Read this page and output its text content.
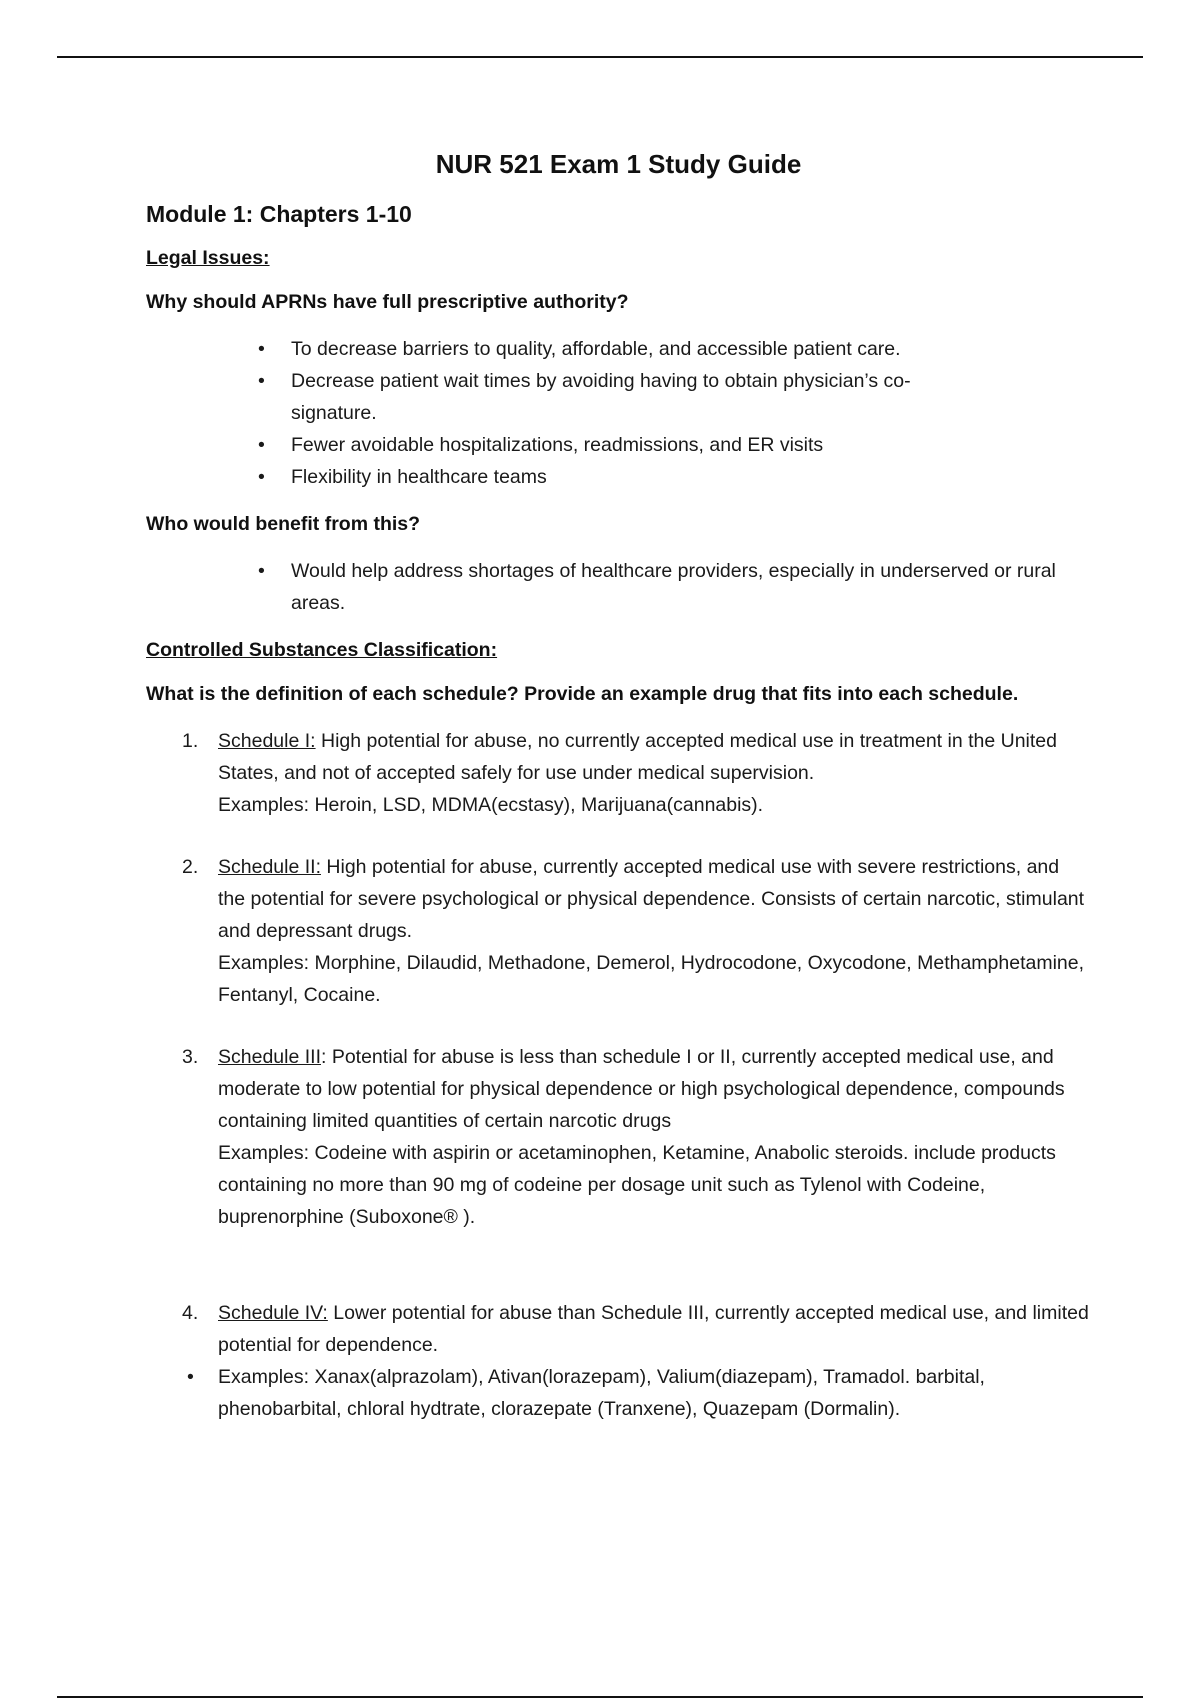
NUR 521 Exam 1 Study Guide
Module 1: Chapters 1-10
Legal Issues:
Why should APRNs have full prescriptive authority?
• To decrease barriers to quality, affordable, and accessible patient care.
• Decrease patient wait times by avoiding having to obtain physician’s co-signature.
• Fewer avoidable hospitalizations, readmissions, and ER visits
• Flexibility in healthcare teams
Who would benefit from this?
• Would help address shortages of healthcare providers, especially in underserved or rural areas.
Controlled Substances Classification:
What is the definition of each schedule? Provide an example drug that fits into each schedule.
1.	Schedule I: High potential for abuse, no currently accepted medical use in treatment in the United States, and not of accepted safely for use under medical supervision.
Examples: Heroin, LSD, MDMA(ecstasy), Marijuana(cannabis).
2.	Schedule II: High potential for abuse, currently accepted medical use with severe restrictions, and the potential for severe psychological or physical dependence. Consists of certain narcotic, stimulant and depressant drugs.
Examples: Morphine, Dilaudid, Methadone, Demerol, Hydrocodone, Oxycodone, Methamphetamine, Fentanyl, Cocaine.
3.	Schedule III: Potential for abuse is less than schedule I or II, currently accepted medical use, and moderate to low potential for physical dependence or high psychological dependence, compounds containing limited quantities of certain narcotic drugs
Examples: Codeine with aspirin or acetaminophen, Ketamine, Anabolic steroids. include products containing no more than 90 mg of codeine per dosage unit such as Tylenol with Codeine, buprenorphine (Suboxone® ).
4.	Schedule IV: Lower potential for abuse than Schedule III, currently accepted medical use, and limited potential for dependence.
• Examples: Xanax(alprazolam), Ativan(lorazepam), Valium(diazepam), Tramadol. barbital, phenobarbital, chloral hydtrate, clorazepate (Tranxene), Quazepam (Dormalin).
